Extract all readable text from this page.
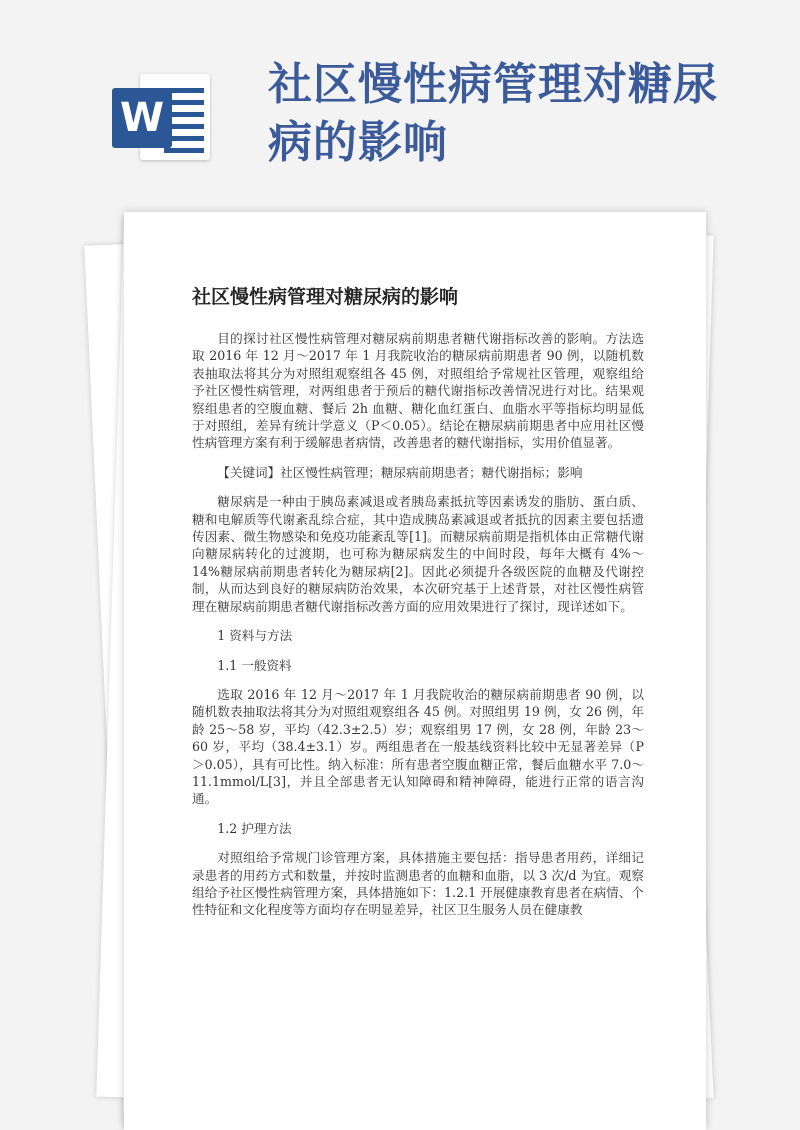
W
社区慢性病管理对糖尿病的影响
社区慢性病管理对糖尿病的影响

目的探讨社区慢性病管理对糖尿病前期患者糖代谢指标改善的影响。方法选取 2016 年 12 月～2017 年 1 月我院收治的糖尿病前期患者 90 例，以随机数表抽取法将其分为对照组观察组各 45 例，对照组给予常规社区管理，观察组给予社区慢性病管理，对两组患者于预后的糖代谢指标改善情况进行对比。结果观察组患者的空腹血糖、餐后 2h 血糖、糖化血红蛋白、血脂水平等指标均明显低于对照组，差异有统计学意义（P＜0.05）。结论在糖尿病前期患者中应用社区慢性病管理方案有利于缓解患者病情，改善患者的糖代谢指标，实用价值显著。

【关键词】社区慢性病管理；糖尿病前期患者；糖代谢指标；影响

糖尿病是一种由于胰岛素减退或者胰岛素抵抗等因素诱发的脂肪、蛋白质、糖和电解质等代谢紊乱综合症，其中造成胰岛素减退或者抵抗的因素主要包括遗传因素、微生物感染和免疫功能紊乱等[1]。而糖尿病前期是指机体由正常糖代谢向糖尿病转化的过渡期，也可称为糖尿病发生的中间时段，每年大概有 4%～14%糖尿病前期患者转化为糖尿病[2]。因此必须提升各级医院的血糖及代谢控制，从而达到良好的糖尿病防治效果，本次研究基于上述背景，对社区慢性病管理在糖尿病前期患者糖代谢指标改善方面的应用效果进行了探讨，现详述如下。

1 资料与方法

1.1 一般资料

选取 2016 年 12 月～2017 年 1 月我院收治的糖尿病前期患者 90 例，以随机数表抽取法将其分为对照组观察组各 45 例。对照组男 19 例，女 26 例，年龄 25～58 岁，平均（42.3±2.5）岁；观察组男 17 例，女 28 例，年龄 23～60 岁，平均（38.4±3.1）岁。两组患者在一般基线资料比较中无显著差异（P＞0.05），具有可比性。纳入标准：所有患者空腹血糖正常，餐后血糖水平 7.0～11.1mmol/L[3]，并且全部患者无认知障碍和精神障碍，能进行正常的语言沟通。

1.2 护理方法

对照组给予常规门诊管理方案，具体措施主要包括：指导患者用药，详细记录患者的用药方式和数量，并按时监测患者的血糖和血脂，以 3 次/d 为宜。观察组给予社区慢性病管理方案，具体措施如下：1.2.1 开展健康教育患者在病情、个性特征和文化程度等方面均存在明显差异，社区卫生服务人员在健康教
